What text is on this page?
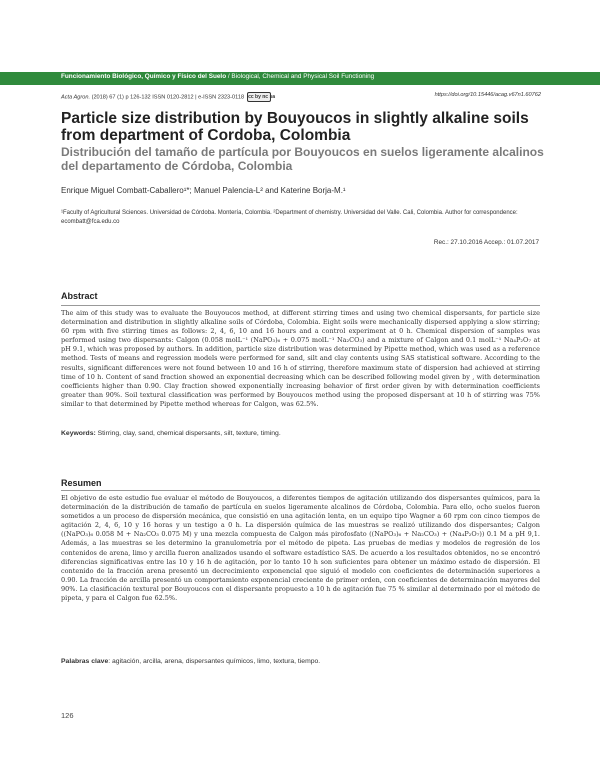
Funcionamiento Biológico, Químico y Físico del Suelo / Biological, Chemical and Physical Soil Functioning
Acta Agron. (2018) 67 (1) p 126-132 ISSN 0120-2812 | e-ISSN 2323-0118 cc by nc sa	https://doi.org/10.15446/acag.v67n1.60762
Particle size distribution by Bouyoucos in slightly alkaline soils from department of Cordoba, Colombia
Distribución del tamaño de partícula por Bouyoucos en suelos ligeramente alcalinos del departamento de Córdoba, Colombia
Enrique Miguel Combatt-Caballero¹*; Manuel Palencia-L² and Katerine Borja-M.¹
¹Faculty of Agricultural Sciences. Universidad de Córdoba. Montería, Colombia. ²Department of chemistry. Universidad del Valle. Cali, Colombia. Author for correspondence: ecombatt@fca.edu.co
Rec.: 27.10.2016 Accep.: 01.07.2017
Abstract

The aim of this study was to evaluate the Bouyoucos method, at different stirring times and using two chemical dispersants, for particle size determination and distribution in slightly alkaline soils of Córdoba, Colombia. Eight soils were mechanically dispersed applying a slow stirring; 60 rpm with five stirring times as follows: 2, 4, 6, 10 and 16 hours and a control experiment at 0 h. Chemical dispersion of samples was performed using two dispersants: Calgon (0.058 molL⁻¹ (NaPO₃)₆ + 0.075 molL⁻¹ Na₂CO₃) and a mixture of Calgon and 0.1 molL⁻¹ Na₄P₂O₇ at pH 9.1, which was proposed by authors. In addition, particle size distribution was determined by Pipette method, which was used as a reference method. Tests of means and regression models were performed for sand, silt and clay contents using SAS statistical software. According to the results, significant differences were not found between 10 and 16 h of stirring, therefore maximum state of dispersion had achieved at stirring time of 10 h. Content of sand fraction showed an exponential decreasing which can be described following model given by , with determination coefficients higher than 0.90. Clay fraction showed exponentially increasing behavior of first order given by with determination coefficients greater than 90%. Soil textural classification was performed by Bouyoucos method using the proposed dispersant at 10 h of stirring was 75% similar to that determined by Pipette method whereas for Calgon, was 62.5%.

Keywords: Stirring, clay, sand, chemical dispersants, silt, texture, timing.
Resumen

El objetivo de este estudio fue evaluar el método de Bouyoucos, a diferentes tiempos de agitación utilizando dos dispersantes químicos, para la determinación de la distribución de tamaño de partícula en suelos ligeramente alcalinos de Córdoba, Colombia. Para ello, ocho suelos fueron sometidos a un proceso de dispersión mecánica, que consistió en una agitación lenta, en un equipo tipo Wagner a 60 rpm con cinco tiempos de agitación 2, 4, 6, 10 y 16 horas y un testigo a 0 h. La dispersión química de las muestras se realizó utilizando dos dispersantes; Calgon ((NaPO₃)₆ 0.058 M + Na₂CO₃ 0.075 M) y una mezcla compuesta de Calgon más pirofosfato ((NaPO₃)₆ + Na₂CO₃) + (Na₄P₂O₇)) 0.1 M a pH 9,1. Además, a las muestras se les determino la granulometría por el método de pipeta. Las pruebas de medias y modelos de regresión de los contenidos de arena, limo y arcilla fueron analizados usando el software estadístico SAS. De acuerdo a los resultados obtenidos, no se encontró diferencias significativas entre las 10 y 16 h de agitación, por lo tanto 10 h son suficientes para obtener un máximo estado de dispersión. El contenido de la fracción arena presentó un decrecimiento exponencial que siguió el modelo con coeficientes de determinación superiores a 0.90. La fracción de arcilla presentó un comportamiento exponencial creciente de primer orden, con coeficientes de determinación mayores del 90%. La clasificación textural por Bouyoucos con el dispersante propuesto a 10 h de agitación fue 75 % similar al determinado por el método de pipeta, y para el Calgon fue 62.5%.

Palabras clave: agitación, arcilla, arena, dispersantes químicos, limo, textura, tiempo.
126
